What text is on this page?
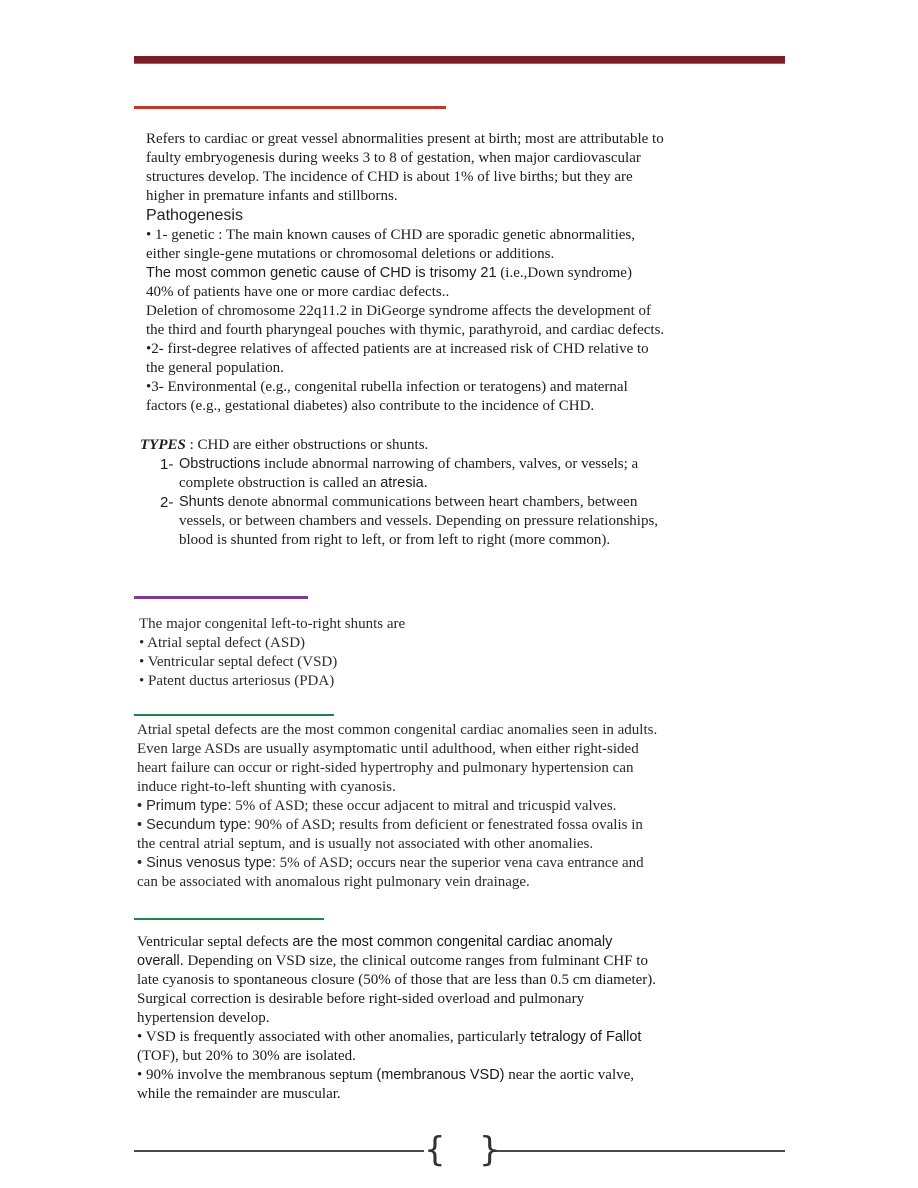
Refers to cardiac or great vessel abnormalities present at birth; most are attributable to

faulty embryogenesis during weeks 3 to 8 of gestation, when major cardiovascular

structures develop. The incidence of CHD is about 1% of live births; but they are

higher in premature infants and stillborns.

Pathogenesis

• 1- genetic : The main known causes of CHD are sporadic genetic abnormalities,

either single-gene mutations or chromosomal deletions or additions.

The most common genetic cause of CHD is trisomy 21 (i.e.,Down syndrome)

40% of patients have one or more cardiac defects..

Deletion of chromosome 22q11.2 in DiGeorge syndrome affects the development of

the third and fourth pharyngeal pouches with thymic, parathyroid, and cardiac defects.

•2- first-degree relatives of affected patients are at increased risk of CHD relative to

the general population.

•3- Environmental (e.g., congenital rubella infection or teratogens) and maternal

factors (e.g., gestational diabetes) also contribute to the incidence of CHD.

TYPES : CHD are either obstructions or shunts.

1- Obstructions include abnormal narrowing of chambers, valves, or vessels; a

complete obstruction is called an atresia.

2- Shunts denote abnormal communications between heart chambers, between

vessels, or between chambers and vessels. Depending on pressure relationships,

blood is shunted from right to left, or from left to right (more common).

The major congenital left-to-right shunts are

• Atrial septal defect (ASD)

• Ventricular septal defect (VSD)

• Patent ductus arteriosus (PDA)

Atrial spetal defects are the most common congenital cardiac anomalies seen in adults.

Even large ASDs are usually asymptomatic until adulthood, when either right-sided

heart failure can occur or right-sided hypertrophy and pulmonary hypertension can

induce right-to-left shunting with cyanosis.

• Primum type: 5% of ASD; these occur adjacent to mitral and tricuspid valves.

• Secundum type: 90% of ASD; results from deficient or fenestrated fossa ovalis in

the central atrial septum, and is usually not associated with other anomalies.

• Sinus venosus type: 5% of ASD; occurs near the superior vena cava entrance and

can be associated with anomalous right pulmonary vein drainage.

Ventricular septal defects are the most common congenital cardiac anomaly

overall. Depending on VSD size, the clinical outcome ranges from fulminant CHF to

late cyanosis to spontaneous closure (50% of those that are less than 0.5 cm diameter).

Surgical correction is desirable before right-sided overload and pulmonary

hypertension develop.

• VSD is frequently associated with other anomalies, particularly tetralogy of Fallot

(TOF), but 20% to 30% are isolated.

• 90% involve the membranous septum (membranous VSD) near the aortic valve,

while the remainder are muscular.

{ }
